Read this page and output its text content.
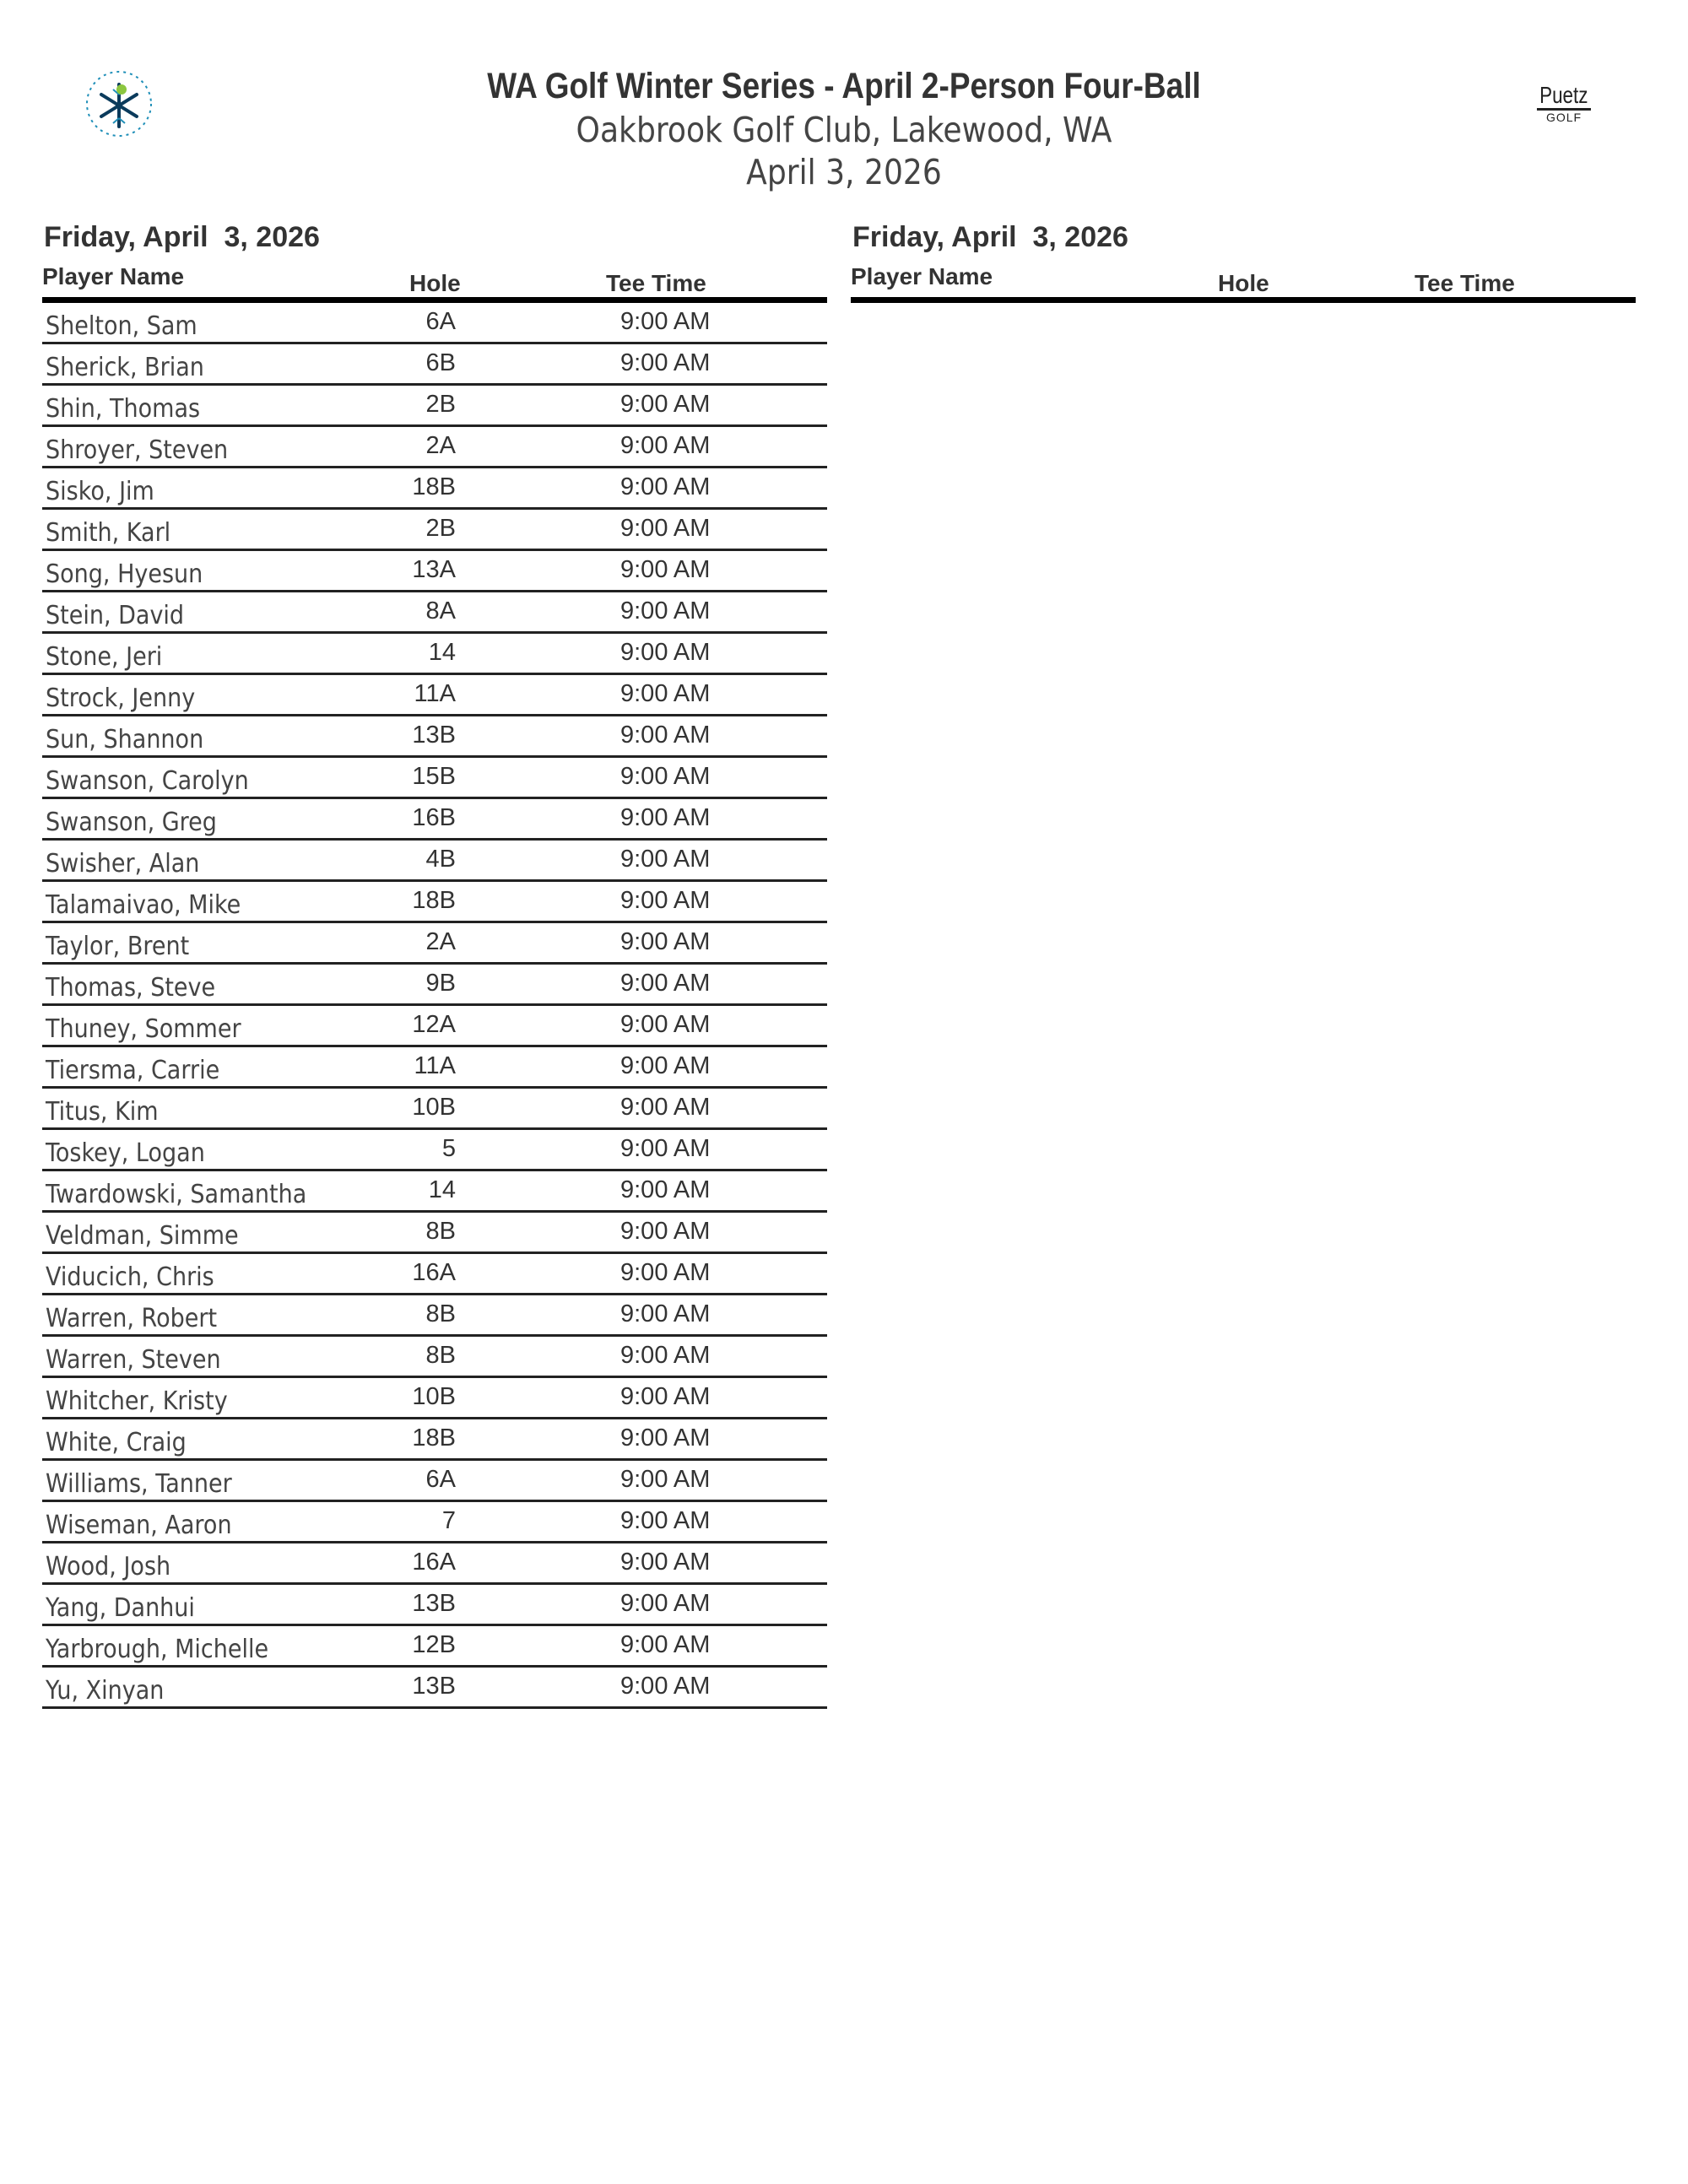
Puetz
GOLF
WA Golf Winter Series - April 2-Person Four-Ball
Oakbrook Golf Club, Lakewood, WA
April 3, 2026
Friday, April  3, 2026
Player Name	Hole	Tee Time
Shelton, Sam	6A	9:00 AM
Sherick, Brian	6B	9:00 AM
Shin, Thomas	2B	9:00 AM
Shroyer, Steven	2A	9:00 AM
Sisko, Jim	18B	9:00 AM
Smith, Karl	2B	9:00 AM
Song, Hyesun	13A	9:00 AM
Stein, David	8A	9:00 AM
Stone, Jeri	14	9:00 AM
Strock, Jenny	11A	9:00 AM
Sun, Shannon	13B	9:00 AM
Swanson, Carolyn	15B	9:00 AM
Swanson, Greg	16B	9:00 AM
Swisher, Alan	4B	9:00 AM
Talamaivao, Mike	18B	9:00 AM
Taylor, Brent	2A	9:00 AM
Thomas, Steve	9B	9:00 AM
Thuney, Sommer	12A	9:00 AM
Tiersma, Carrie	11A	9:00 AM
Titus, Kim	10B	9:00 AM
Toskey, Logan	5	9:00 AM
Twardowski, Samantha	14	9:00 AM
Veldman, Simme	8B	9:00 AM
Viducich, Chris	16A	9:00 AM
Warren, Robert	8B	9:00 AM
Warren, Steven	8B	9:00 AM
Whitcher, Kristy	10B	9:00 AM
White, Craig	18B	9:00 AM
Williams, Tanner	6A	9:00 AM
Wiseman, Aaron	7	9:00 AM
Wood, Josh	16A	9:00 AM
Yang, Danhui	13B	9:00 AM
Yarbrough, Michelle	12B	9:00 AM
Yu, Xinyan	13B	9:00 AM
Friday, April  3, 2026
Player Name	Hole	Tee Time
